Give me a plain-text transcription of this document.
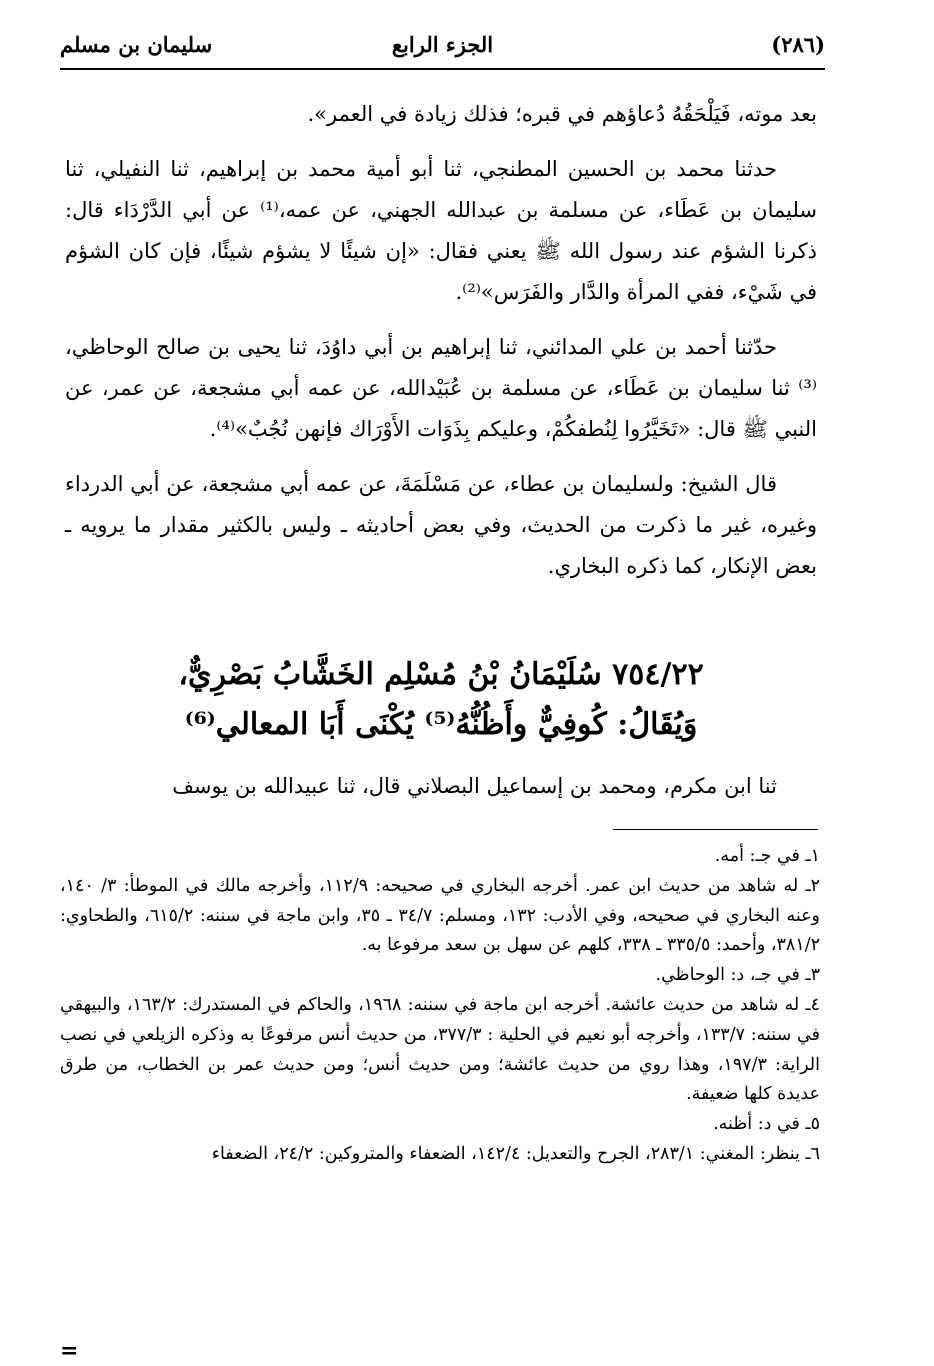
(٢٨٦)
الجزء الرابع
سليمان بن مسلم

بعد موته، فَيَلْحَقُهُ دُعاؤهم في قبره؛ فذلك زيادة في العمر».

حدثنا محمد بن الحسين المطنجي، ثنا أبو أمية محمد بن إبراهيم، ثنا النفيلي، ثنا سليمان بن عَطَاء، عن مسلمة بن عبدالله الجهني، عن عمه،⁽¹⁾ عن أبي الدَّرْدَاء قال: ذكرنا الشؤم عند رسول الله ﷺ يعني فقال: «إن شيئًا لا يشؤم شيئًا، فإن كان الشؤم في شَيْء، ففي المرأة والدَّار والفَرَس»⁽²⁾.

حدّثنا أحمد بن علي المدائني، ثنا إبراهيم بن أبي داوُدَ، ثنا يحيى بن صالح الوحاظي،⁽³⁾ ثنا سليمان بن عَطَاء، عن مسلمة بن عُبَيْدالله، عن عمه أبي مشجعة، عن عمر، عن النبي ﷺ قال: «تَخَيَّرُوا لِنُطفكُمْ، وعليكم بِذَوَات الأَوْرَاك فإنهن نُجُبٌ»⁽⁴⁾.

قال الشيخ: ولسليمان بن عطاء، عن مَسْلَمَةَ، عن عمه أبي مشجعة، عن أبي الدرداء وغيره، غير ما ذكرت من الحديث، وفي بعض أحاديثه ـ وليس بالكثير مقدار ما يرويه ـ بعض الإنكار، كما ذكره البخاري.

٧٥٤/٢٢ سُلَيْمَانُ بْنُ مُسْلِم الخَشَّابُ بَصْرِيٌّ،
وَيُقَالُ: كُوفِيٌّ وأَظُنُّهُ⁽⁵⁾ يُكْنَى أَبَا المعالي⁽⁶⁾

ثنا ابن مكرم، ومحمد بن إسماعيل البصلاني قال، ثنا عبيدالله بن يوسف

١ـ في جـ: أمه.

٢ـ له شاهد من حديث ابن عمر. أخرجه البخاري في صحيحه: ١١٢/٩، وأخرجه مالك في الموطأ: ٣/ ١٤٠، وعنه البخاري في صحيحه، وفي الأدب: ١٣٢، ومسلم: ٣٤/٧ ـ ٣٥، وابن ماجة في سننه: ٦١٥/٢، والطحاوي: ٣٨١/٢، وأحمد: ٣٣٥/٥ ـ ٣٣٨، كلهم عن سهل بن سعد مرفوعا به.

٣ـ في جـ، د: الوحاظي.

٤ـ له شاهد من حديث عائشة. أخرجه ابن ماجة في سننه: ١٩٦٨، والحاكم في المستدرك: ١٦٣/٢، والبيهقي في سننه: ١٣٣/٧، وأخرجه أبو نعيم في الحلية : ٣٧٧/٣، من حديث أنس مرفوعًا به وذكره الزيلعي في نصب الراية: ١٩٧/٣، وهذا روي من حديث عائشة؛ ومن حديث أنس؛ ومن حديث عمر بن الخطاب، من طرق عديدة كلها ضعيفة.

٥ـ في د: أظنه.

٦ـ ينظر: المغني: ٢٨٣/١، الجرح والتعديل: ١٤٢/٤، الضعفاء والمتروكين: ٢٤/٢، الضعفاء

=
